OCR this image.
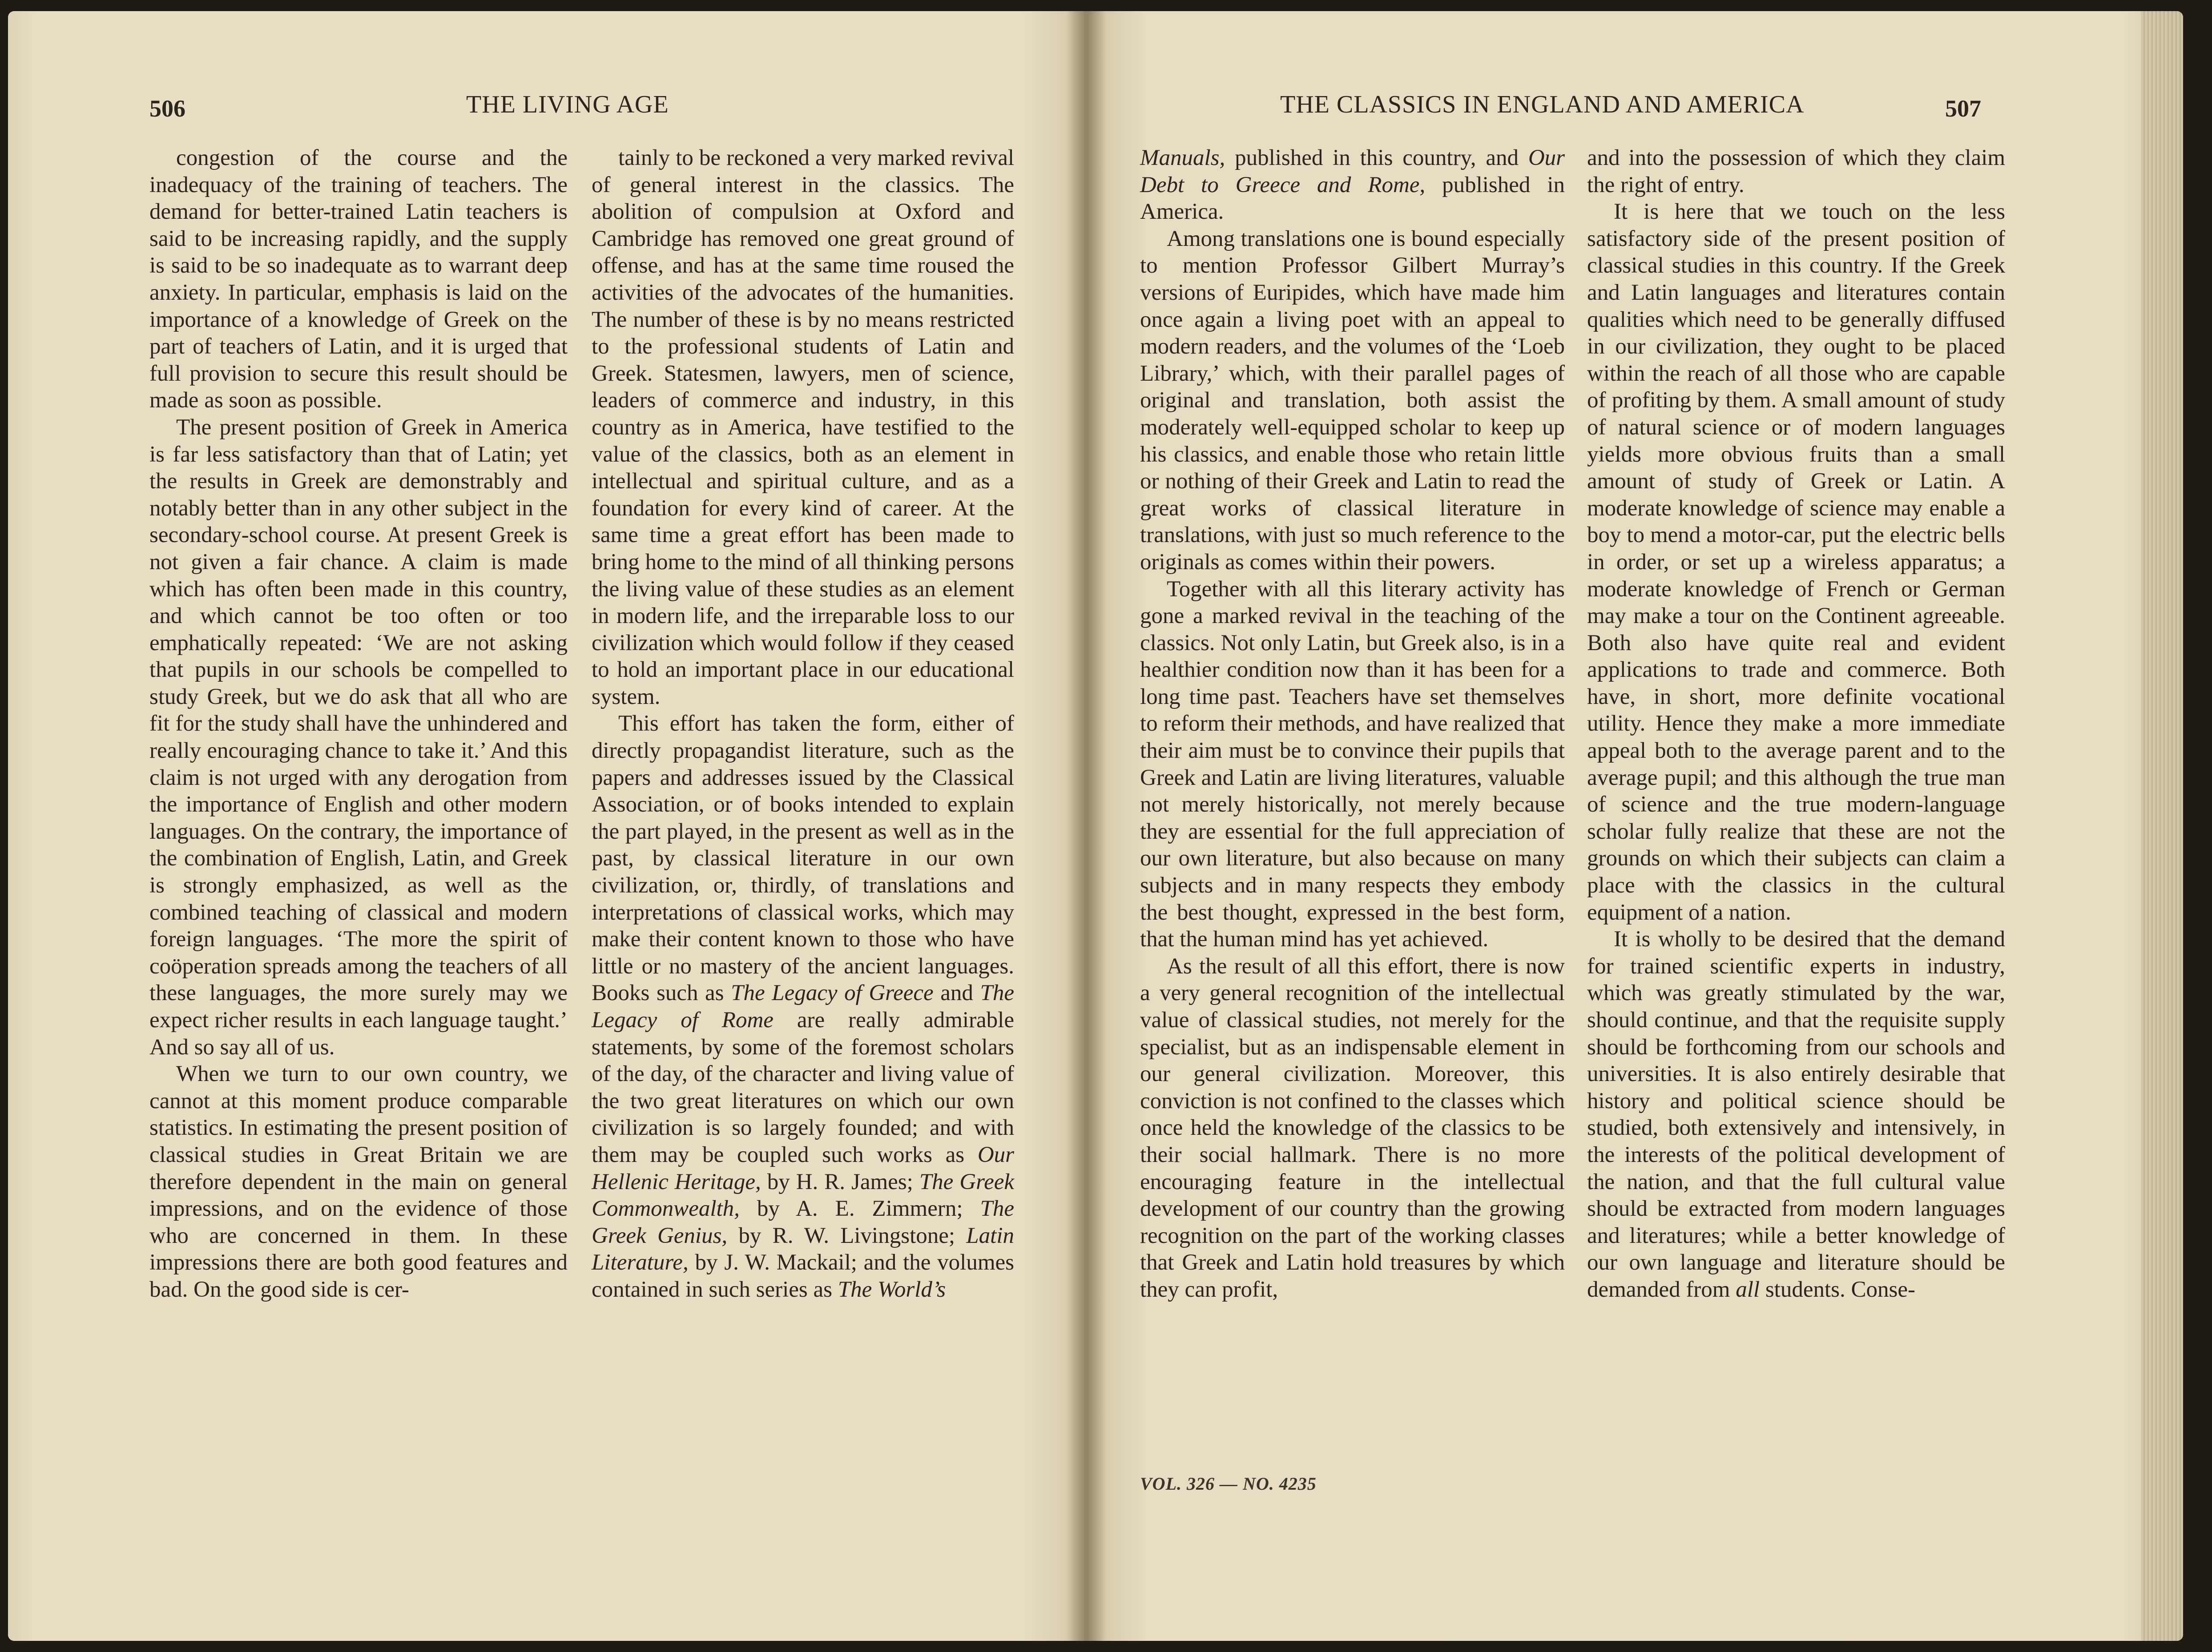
506	THE LIVING AGE

congestion of the course and the inadequacy of the training of teachers. The demand for better-trained Latin teachers is said to be increasing rapidly, and the supply is said to be so inadequate as to warrant deep anxiety. In particular, emphasis is laid on the importance of a knowledge of Greek on the part of teachers of Latin, and it is urged that full provision to secure this result should be made as soon as possible.

The present position of Greek in America is far less satisfactory than that of Latin; yet the results in Greek are demonstrably and notably better than in any other subject in the secondary-school course. At present Greek is not given a fair chance. A claim is made which has often been made in this country, and which cannot be too often or too emphatically repeated: ‘We are not asking that pupils in our schools be compelled to study Greek, but we do ask that all who are fit for the study shall have the unhindered and really encouraging chance to take it.’ And this claim is not urged with any derogation from the importance of English and other modern languages. On the contrary, the importance of the combination of English, Latin, and Greek is strongly emphasized, as well as the combined teaching of classical and modern foreign languages. ‘The more the spirit of coöperation spreads among the teachers of all these languages, the more surely may we expect richer results in each language taught.’ And so say all of us.

When we turn to our own country, we cannot at this moment produce comparable statistics. In estimating the present position of classical studies in Great Britain we are therefore dependent in the main on general impressions, and on the evidence of those who are concerned in them. In these impressions there are both good features and bad. On the good side is cer-

tainly to be reckoned a very marked revival of general interest in the classics. The abolition of compulsion at Oxford and Cambridge has removed one great ground of offense, and has at the same time roused the activities of the advocates of the humanities. The number of these is by no means restricted to the professional students of Latin and Greek. Statesmen, lawyers, men of science, leaders of commerce and industry, in this country as in America, have testified to the value of the classics, both as an element in intellectual and spiritual culture, and as a foundation for every kind of career. At the same time a great effort has been made to bring home to the mind of all thinking persons the living value of these studies as an element in modern life, and the irreparable loss to our civilization which would follow if they ceased to hold an important place in our educational system.

This effort has taken the form, either of directly propagandist literature, such as the papers and addresses issued by the Classical Association, or of books intended to explain the part played, in the present as well as in the past, by classical literature in our own civilization, or, thirdly, of translations and interpretations of classical works, which may make their content known to those who have little or no mastery of the ancient languages. Books such as The Legacy of Greece and The Legacy of Rome are really admirable statements, by some of the foremost scholars of the day, of the character and living value of the two great literatures on which our own civilization is so largely founded; and with them may be coupled such works as Our Hellenic Heritage, by H. R. James; The Greek Commonwealth, by A. E. Zimmern; The Greek Genius, by R. W. Livingstone; Latin Literature, by J. W. Mackail; and the volumes contained in such series as The World’s

THE CLASSICS IN ENGLAND AND AMERICA	507

Manuals, published in this country, and Our Debt to Greece and Rome, published in America.

Among translations one is bound especially to mention Professor Gilbert Murray’s versions of Euripides, which have made him once again a living poet with an appeal to modern readers, and the volumes of the ‘Loeb Library,’ which, with their parallel pages of original and translation, both assist the moderately well-equipped scholar to keep up his classics, and enable those who retain little or nothing of their Greek and Latin to read the great works of classical literature in translations, with just so much reference to the originals as comes within their powers.

Together with all this literary activity has gone a marked revival in the teaching of the classics. Not only Latin, but Greek also, is in a healthier condition now than it has been for a long time past. Teachers have set themselves to reform their methods, and have realized that their aim must be to convince their pupils that Greek and Latin are living literatures, valuable not merely historically, not merely because they are essential for the full appreciation of our own literature, but also because on many subjects and in many respects they embody the best thought, expressed in the best form, that the human mind has yet achieved.

As the result of all this effort, there is now a very general recognition of the intellectual value of classical studies, not merely for the specialist, but as an indispensable element in our general civilization. Moreover, this conviction is not confined to the classes which once held the knowledge of the classics to be their social hallmark. There is no more encouraging feature in the intellectual development of our country than the growing recognition on the part of the working classes that Greek and Latin hold treasures by which they can profit,

and into the possession of which they claim the right of entry.

It is here that we touch on the less satisfactory side of the present position of classical studies in this country. If the Greek and Latin languages and literatures contain qualities which need to be generally diffused in our civilization, they ought to be placed within the reach of all those who are capable of profiting by them. A small amount of study of natural science or of modern languages yields more obvious fruits than a small amount of study of Greek or Latin. A moderate knowledge of science may enable a boy to mend a motor-car, put the electric bells in order, or set up a wireless apparatus; a moderate knowledge of French or German may make a tour on the Continent agreeable. Both also have quite real and evident applications to trade and commerce. Both have, in short, more definite vocational utility. Hence they make a more immediate appeal both to the average parent and to the average pupil; and this although the true man of science and the true modern-language scholar fully realize that these are not the grounds on which their subjects can claim a place with the classics in the cultural equipment of a nation.

It is wholly to be desired that the demand for trained scientific experts in industry, which was greatly stimulated by the war, should continue, and that the requisite supply should be forthcoming from our schools and universities. It is also entirely desirable that history and political science should be studied, both extensively and intensively, in the interests of the political development of the nation, and that the full cultural value should be extracted from modern languages and literatures; while a better knowledge of our own language and literature should be demanded from all students. Conse-

VOL. 326 — NO. 4235
